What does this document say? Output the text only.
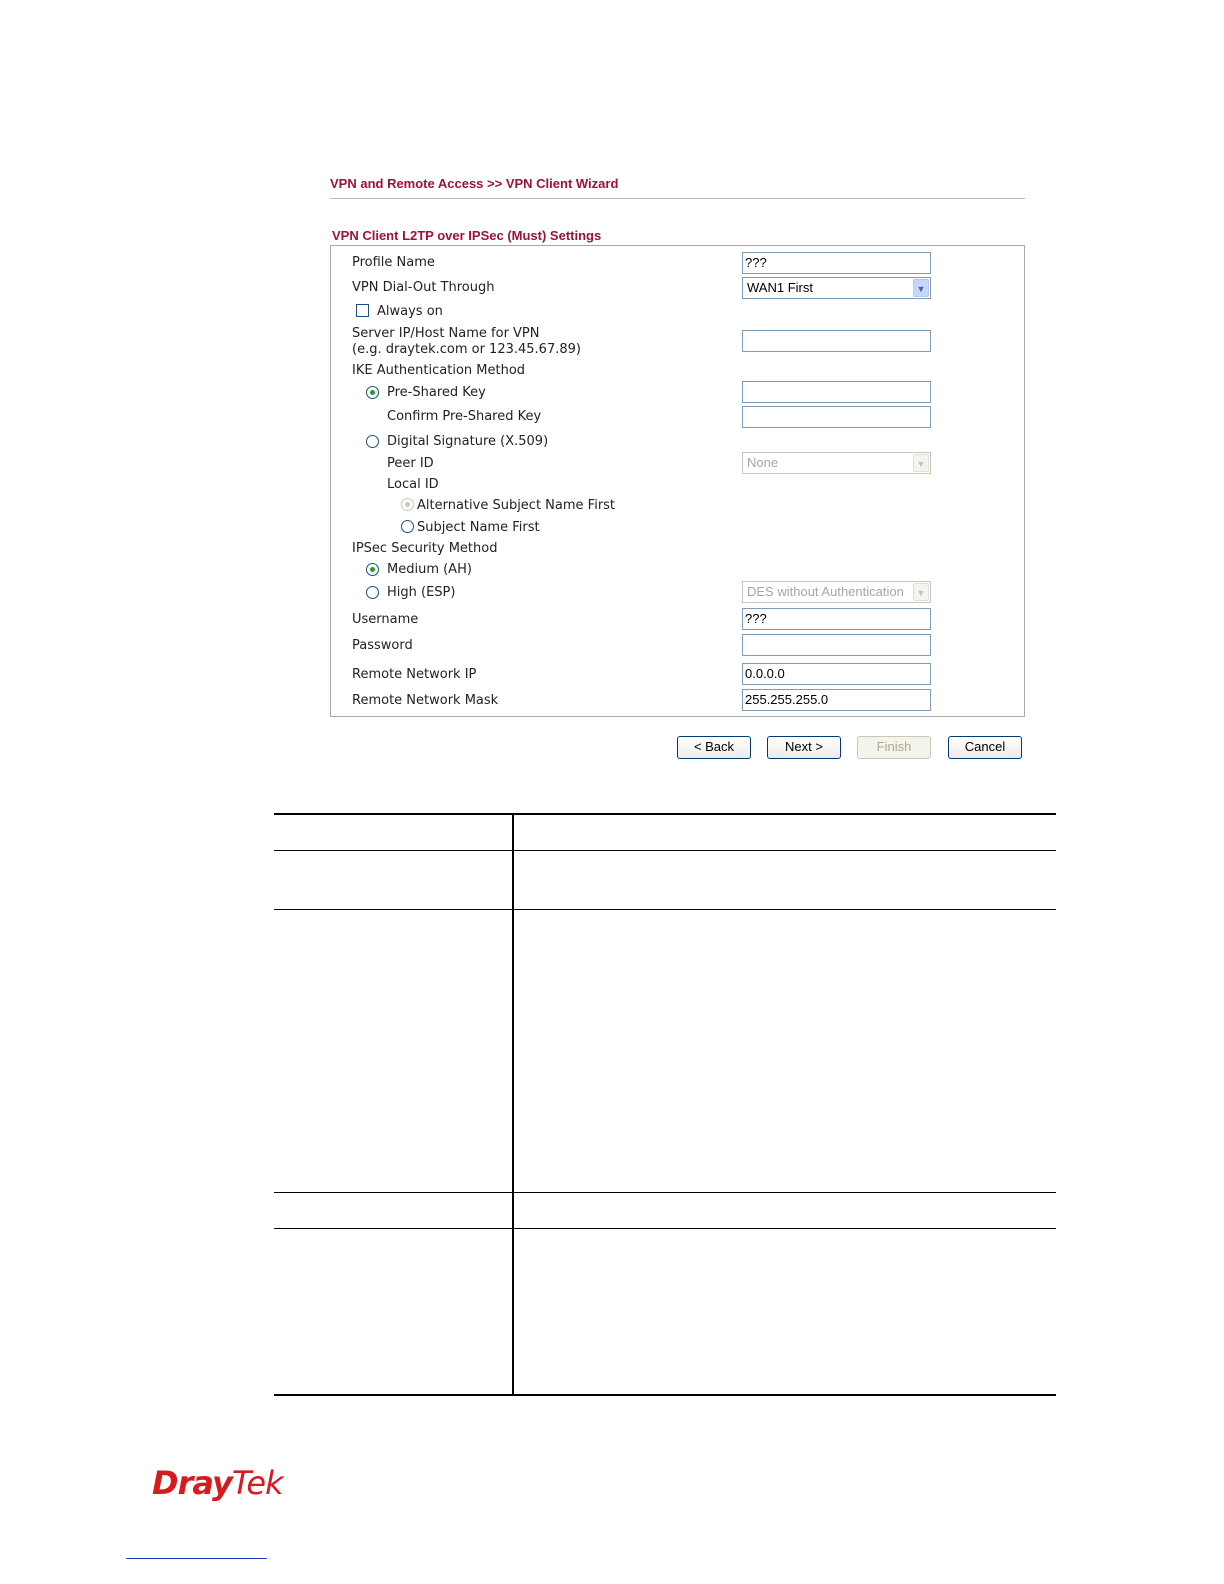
VPN and Remote Access >> VPN Client Wizard
VPN Client L2TP over IPSec (Must) Settings
Profile Name	???
VPN Dial-Out Through	WAN1 First	▼
Always on
Server IP/Host Name for VPN
(e.g. draytek.com or 123.45.67.89)
IKE Authentication Method
Pre-Shared Key
Confirm Pre-Shared Key
Digital Signature (X.509)
Peer ID	None	▼
Local ID
Alternative Subject Name First
Subject Name First
IPSec Security Method
Medium (AH)
High (ESP)	DES without Authentication	▼
Username	???
Password
Remote Network IP	0.0.0.0
Remote Network Mask	255.255.255.0
< Back	Next >	Finish	Cancel
DrayTek
